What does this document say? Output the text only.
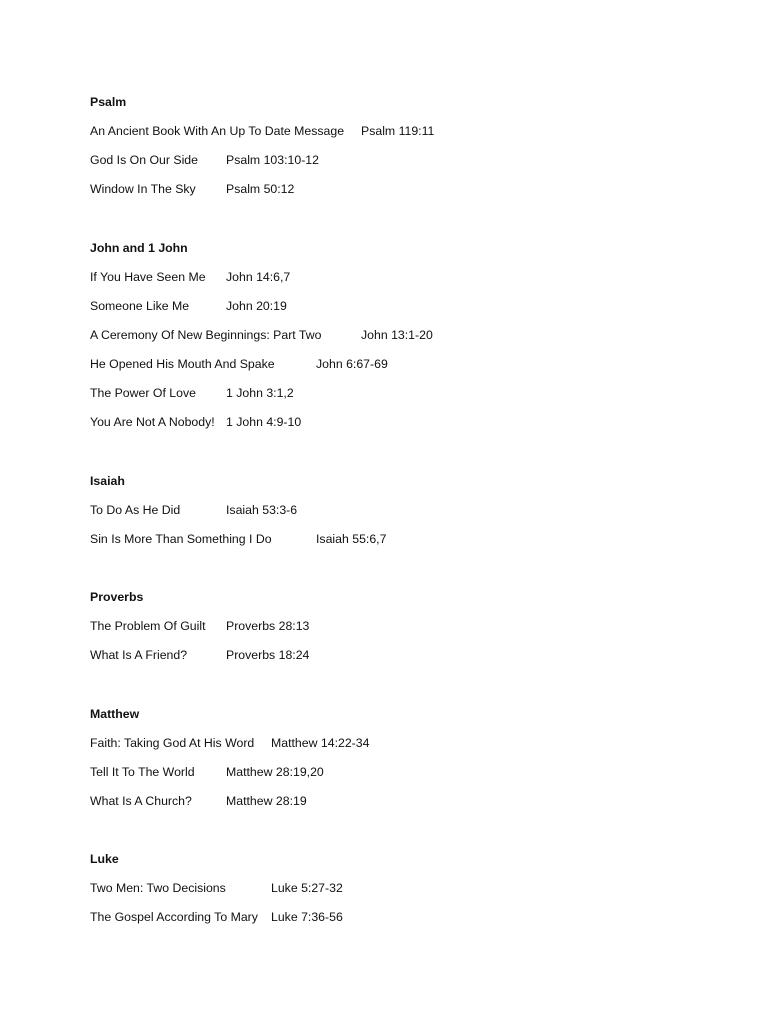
Psalm
An Ancient Book With An Up To Date Message Psalm 119:11
God Is On Our Side Psalm 103:10-12
Window In The Sky Psalm 50:12
John and 1 John
If You Have Seen Me John 14:6,7
Someone Like Me	John 20:19
A Ceremony Of New Beginnings: Part Two	John 13:1-20
He Opened His Mouth And Spake	John 6:67-69
The Power Of Love 1 John 3:1,2
You Are Not A Nobody! 1 John 4:9-10
Isaiah
To Do As He Did	Isaiah 53:3-6
Sin Is More Than Something I Do	Isaiah 55:6,7
Proverbs
The Problem Of Guilt Proverbs 28:13
What Is A Friend?	Proverbs 18:24
Matthew
Faith: Taking God At His Word Matthew 14:22-34
Tell It To The World	Matthew 28:19,20
What Is A Church?	Matthew 28:19
Luke
Two Men: Two Decisions	Luke 5:27-32
The Gospel According To Mary Luke 7:36-56
